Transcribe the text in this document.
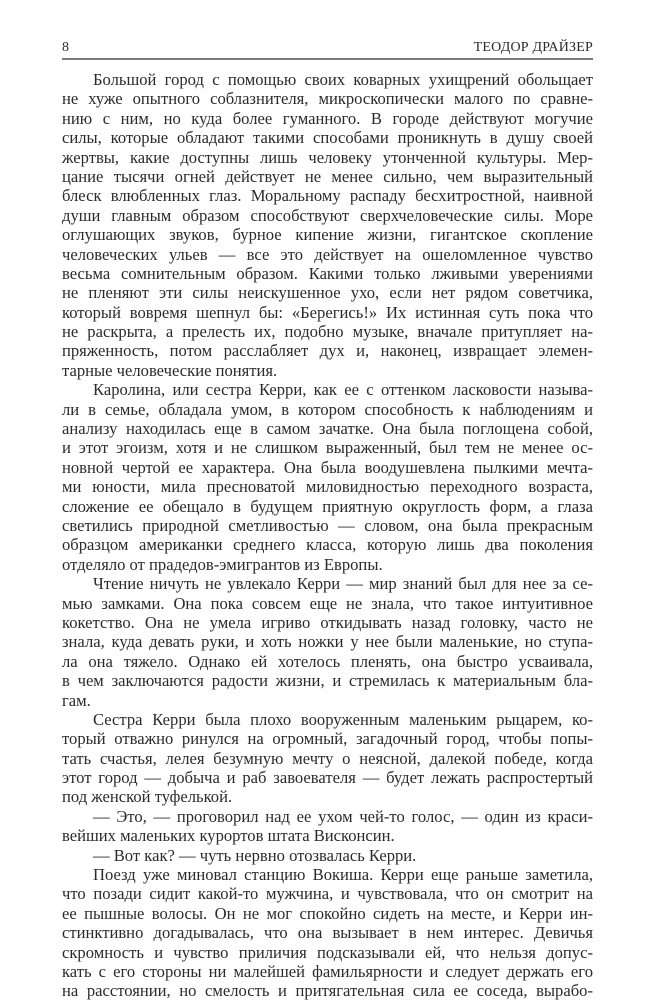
8	ТЕОДОР ДРАЙЗЕР
Большой город с помощью своих коварных ухищрений обольщает
не хуже опытного соблазнителя, микроскопически малого по сравне-
нию с ним, но куда более гуманного. В городе действуют могучие
силы, которые обладают такими способами проникнуть в душу своей
жертвы, какие доступны лишь человеку утонченной культуры. Мер-
цание тысячи огней действует не менее сильно, чем выразительный
блеск влюбленных глаз. Моральному распаду бесхитростной, наивной
души главным образом способствуют сверхчеловеческие силы. Море
оглушающих звуков, бурное кипение жизни, гигантское скопление
человеческих ульев — все это действует на ошеломленное чувство
весьма сомнительным образом. Какими только лживыми уверениями
не пленяют эти силы неискушенное ухо, если нет рядом советчика,
который вовремя шепнул бы: «Берегись!» Их истинная суть пока что
не раскрыта, а прелесть их, подобно музыке, вначале притупляет на-
пряженность, потом расслабляет дух и, наконец, извращает элемен-
тарные человеческие понятия.
Каролина, или сестра Керри, как ее с оттенком ласковости называ-
ли в семье, обладала умом, в котором способность к наблюдениям и
анализу находилась еще в самом зачатке. Она была поглощена собой,
и этот эгоизм, хотя и не слишком выраженный, был тем не менее ос-
новной чертой ее характера. Она была воодушевлена пылкими мечта-
ми юности, мила пресноватой миловидностью переходного возраста,
сложение ее обещало в будущем приятную округлость форм, а глаза
светились природной сметливостью — словом, она была прекрасным
образцом американки среднего класса, которую лишь два поколения
отделяло от прадедов-эмигрантов из Европы.
Чтение ничуть не увлекало Керри — мир знаний был для нее за се-
мью замками. Она пока совсем еще не знала, что такое интуитивное
кокетство. Она не умела игриво откидывать назад головку, часто не
знала, куда девать руки, и хоть ножки у нее были маленькие, но ступа-
ла она тяжело. Однако ей хотелось пленять, она быстро усваивала,
в чем заключаются радости жизни, и стремилась к материальным бла-
гам.
Сестра Керри была плохо вооруженным маленьким рыцарем, ко-
торый отважно ринулся на огромный, загадочный город, чтобы попы-
тать счастья, лелея безумную мечту о неясной, далекой победе, когда
этот город — добыча и раб завоевателя — будет лежать распростертый
под женской туфелькой.
— Это, — проговорил над ее ухом чей-то голос, — один из краси-
вейших маленьких курортов штата Висконсин.
— Вот как? — чуть нервно отозвалась Керри.
Поезд уже миновал станцию Вокиша. Керри еще раньше заметила,
что позади сидит какой-то мужчина, и чувствовала, что он смотрит на
ее пышные волосы. Он не мог спокойно сидеть на месте, и Керри ин-
стинктивно догадывалась, что она вызывает в нем интерес. Девичья
скромность и чувство приличия подсказывали ей, что нельзя допус-
кать с его стороны ни малейшей фамильярности и следует держать его
на расстоянии, но смелость и притягательная сила ее соседа, вырабо-
